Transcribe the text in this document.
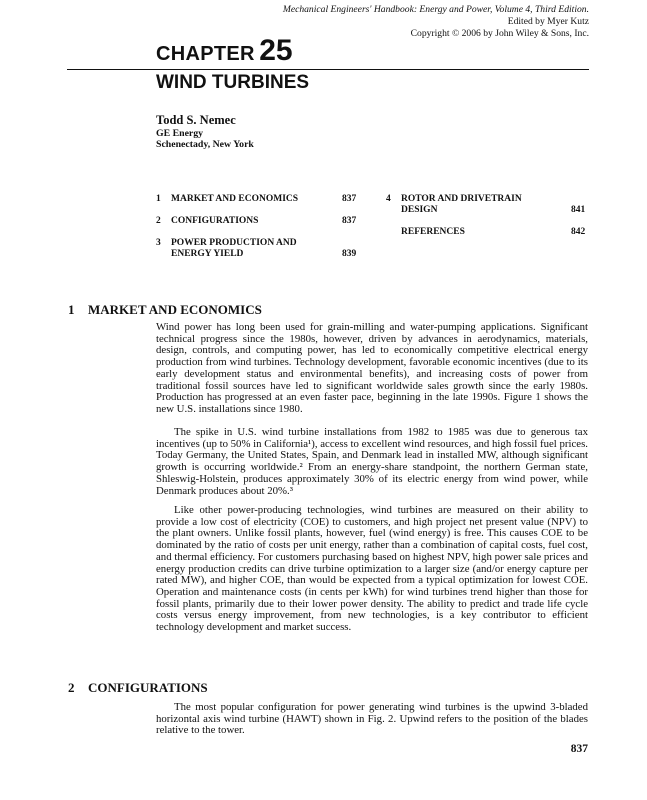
Mechanical Engineers' Handbook: Energy and Power, Volume 4, Third Edition.
Edited by Myer Kutz
Copyright © 2006 by John Wiley & Sons, Inc.
CHAPTER 25
WIND TURBINES
Todd S. Nemec
GE Energy
Schenectady, New York
1 MARKET AND ECONOMICS	837
2 CONFIGURATIONS	837
3 POWER PRODUCTION AND
ENERGY YIELD	839
4 ROTOR AND DRIVETRAIN
DESIGN	841
REFERENCES	842
1 MARKET AND ECONOMICS

Wind power has long been used for grain-milling and water-pumping applications. Significant technical progress since the 1980s, however, driven by advances in aerodynamics, materials, design, controls, and computing power, has led to economically competitive electrical energy production from wind turbines. Technology development, favorable economic incentives (due to its early development status and environmental benefits), and increasing costs of power from traditional fossil sources have led to significant worldwide sales growth since the early 1980s. Production has progressed at an even faster pace, beginning in the late 1990s. Figure 1 shows the new U.S. installations since 1980.

The spike in U.S. wind turbine installations from 1982 to 1985 was due to generous tax incentives (up to 50% in California¹), access to excellent wind resources, and high fossil fuel prices. Today Germany, the United States, Spain, and Denmark lead in installed MW, although significant growth is occurring worldwide.² From an energy-share standpoint, the northern German state, Shleswig-Holstein, produces approximately 30% of its electric energy from wind power, while Denmark produces about 20%.³

Like other power-producing technologies, wind turbines are measured on their ability to provide a low cost of electricity (COE) to customers, and high project net present value (NPV) to the plant owners. Unlike fossil plants, however, fuel (wind energy) is free. This causes COE to be dominated by the ratio of costs per unit energy, rather than a combination of capital costs, fuel cost, and thermal efficiency. For customers purchasing based on highest NPV, high power sale prices and energy production credits can drive turbine optimization to a larger size (and/or energy capture per rated MW), and higher COE, than would be expected from a typical optimization for lowest COE. Operation and maintenance costs (in cents per kWh) for wind turbines trend higher than those for fossil plants, primarily due to their lower power density. The ability to predict and trade life cycle costs versus energy improvement, from new technologies, is a key contributor to efficient technology development and market success.

2 CONFIGURATIONS

The most popular configuration for power generating wind turbines is the upwind 3-bladed horizontal axis wind turbine (HAWT) shown in Fig. 2. Upwind refers to the position of the blades relative to the tower.

837
